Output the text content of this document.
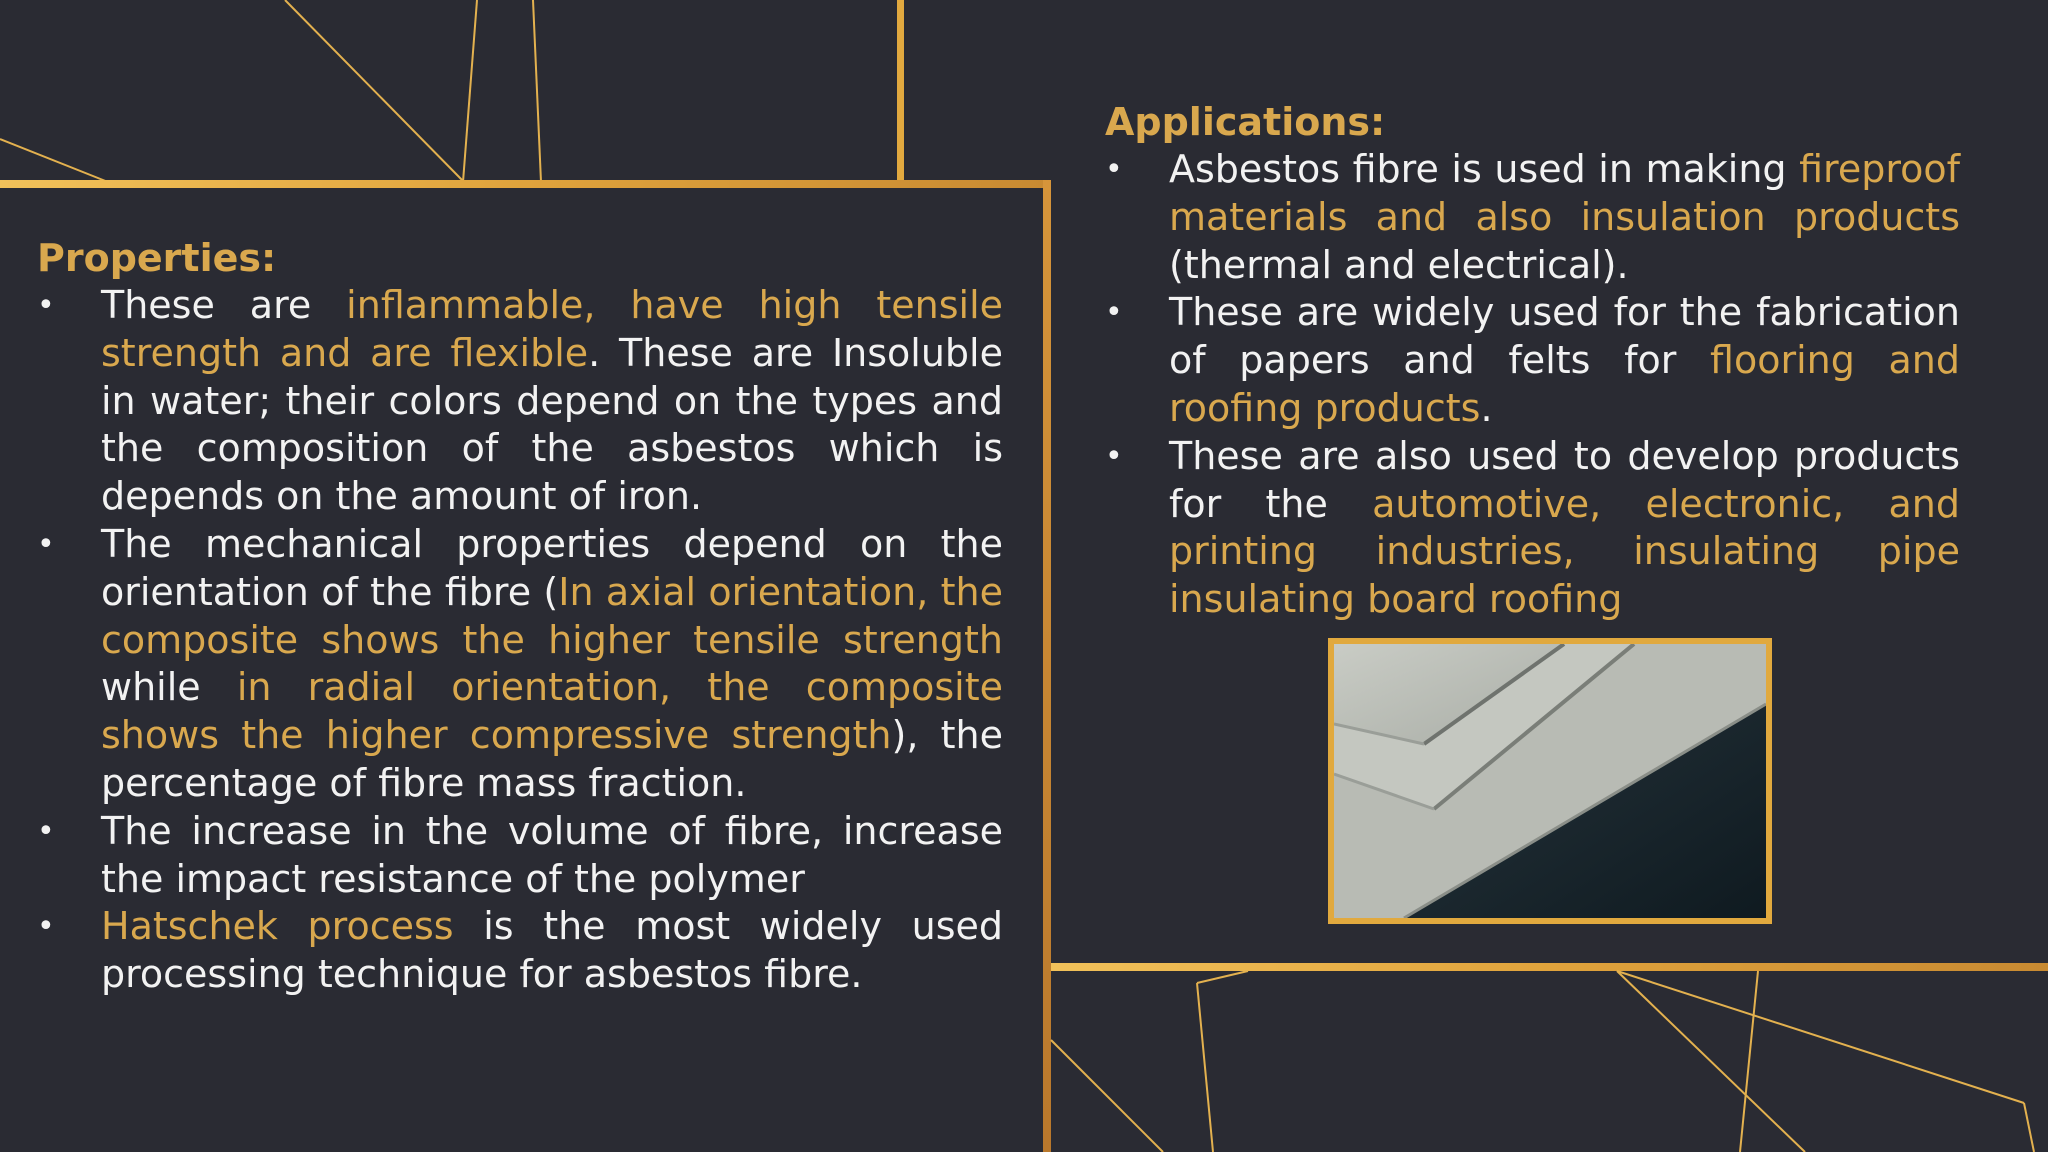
Properties:
• These are inflammable, have high tensile strength and are flexible. These are Insoluble in water; their colors depend on the types and the composition of the asbestos which is depends on the amount of iron.
• The mechanical properties depend on the orientation of the fibre (In axial orientation, the composite shows the higher tensile strength while in radial orientation, the composite shows the higher compressive strength), the percentage of fibre mass fraction.
• The increase in the volume of fibre, increase the impact resistance of the polymer
• Hatschek process is the most widely used processing technique for asbestos fibre.
Applications:
• Asbestos fibre is used in making fireproof materials and also insulation products (thermal and electrical).
• These are widely used for the fabrication of papers and felts for flooring and roofing products.
• These are also used to develop products for the automotive, electronic, and printing industries, insulating pipe insulating board roofing
